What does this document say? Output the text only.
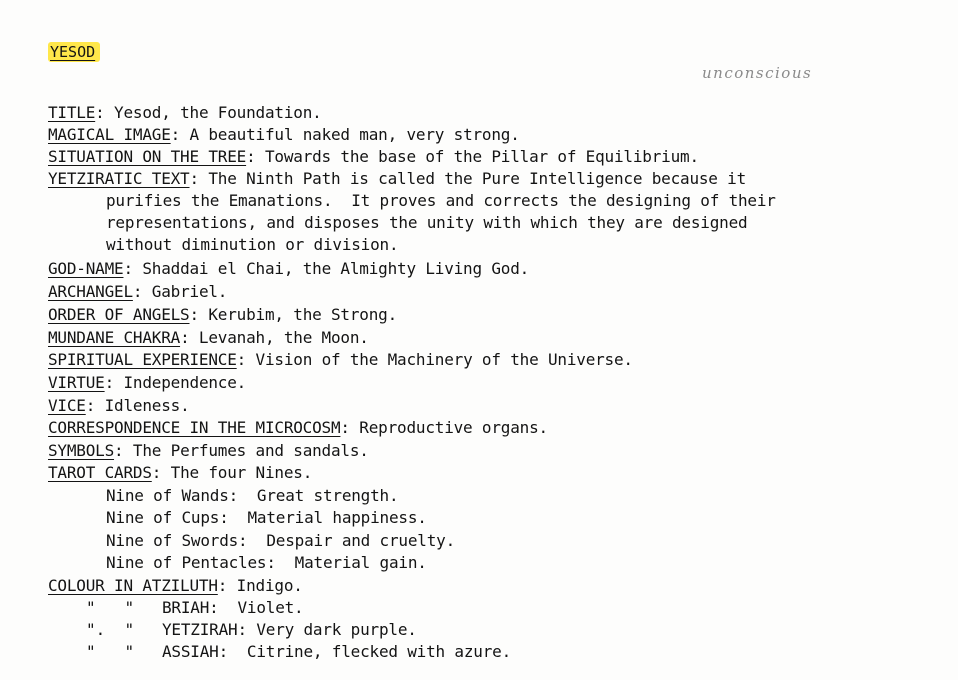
YESOD
unconscious
TITLE: Yesod, the Foundation.
MAGICAL IMAGE: A beautiful naked man, very strong.
SITUATION ON THE TREE: Towards the base of the Pillar of Equilibrium.
YETZIRATIC TEXT: The Ninth Path is called the Pure Intelligence because it
purifies the Emanations.  It proves and corrects the designing of their
representations, and disposes the unity with which they are designed
without diminution or division.
GOD-NAME: Shaddai el Chai, the Almighty Living God.
ARCHANGEL: Gabriel.
ORDER OF ANGELS: Kerubim, the Strong.
MUNDANE CHAKRA: Levanah, the Moon.
SPIRITUAL EXPERIENCE: Vision of the Machinery of the Universe.
VIRTUE: Independence.
VICE: Idleness.
CORRESPONDENCE IN THE MICROCOSM: Reproductive organs.
SYMBOLS: The Perfumes and sandals.
TAROT CARDS: The four Nines.
Nine of Wands:  Great strength.
Nine of Cups:  Material happiness.
Nine of Swords:  Despair and cruelty.
Nine of Pentacles:  Material gain.
COLOUR IN ATZILUTH: Indigo.
"   " BRIAH:  Violet.
".  " YETZIRAH: Very dark purple.
"   " ASSIAH:  Citrine, flecked with azure.
